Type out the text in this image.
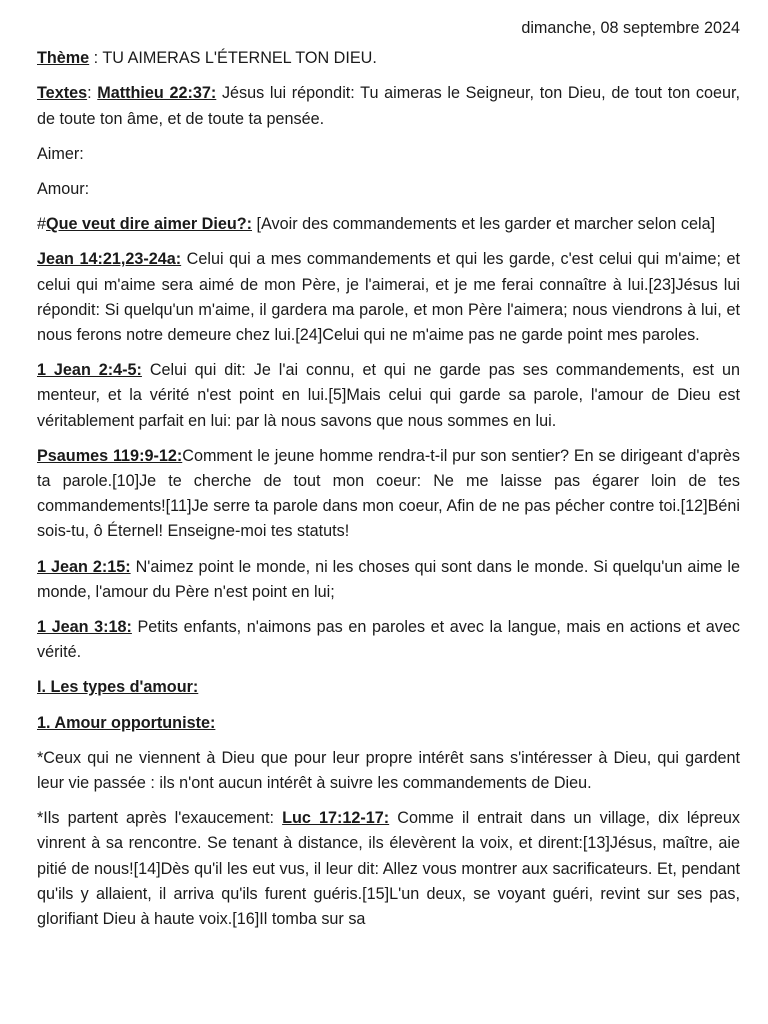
dimanche, 08 septembre 2024

Thème : TU AIMERAS L'ÉTERNEL TON DIEU.

Textes: Matthieu 22:37: Jésus lui répondit: Tu aimeras le Seigneur, ton Dieu, de tout ton coeur, de toute ton âme, et de toute ta pensée.

Aimer:

Amour:

#Que veut dire aimer Dieu?: [Avoir des commandements et les garder et marcher selon cela]

Jean 14:21,23-24a: Celui qui a mes commandements et qui les garde, c'est celui qui m'aime; et celui qui m'aime sera aimé de mon Père, je l'aimerai, et je me ferai connaître à lui.[23]Jésus lui répondit: Si quelqu'un m'aime, il gardera ma parole, et mon Père l'aimera; nous viendrons à lui, et nous ferons notre demeure chez lui.[24]Celui qui ne m'aime pas ne garde point mes paroles.

1 Jean 2:4-5: Celui qui dit: Je l'ai connu, et qui ne garde pas ses commandements, est un menteur, et la vérité n'est point en lui.[5]Mais celui qui garde sa parole, l'amour de Dieu est véritablement parfait en lui: par là nous savons que nous sommes en lui.

Psaumes 119:9-12:Comment le jeune homme rendra-t-il pur son sentier? En se dirigeant d'après ta parole.[10]Je te cherche de tout mon coeur: Ne me laisse pas égarer loin de tes commandements![11]Je serre ta parole dans mon coeur, Afin de ne pas pécher contre toi.[12]Béni sois-tu, ô Éternel! Enseigne-moi tes statuts!

1 Jean 2:15: N'aimez point le monde, ni les choses qui sont dans le monde. Si quelqu'un aime le monde, l'amour du Père n'est point en lui;

1 Jean 3:18: Petits enfants, n'aimons pas en paroles et avec la langue, mais en actions et avec vérité.

I. Les types d'amour:

1. Amour opportuniste:

*Ceux qui ne viennent à Dieu que pour leur propre intérêt sans s'intéresser à Dieu, qui gardent leur vie passée : ils n'ont aucun intérêt à suivre les commandements de Dieu.

*Ils partent après l'exaucement: Luc 17:12-17: Comme il entrait dans un village, dix lépreux vinrent à sa rencontre. Se tenant à distance, ils élevèrent la voix, et dirent:[13]Jésus, maître, aie pitié de nous![14]Dès qu'il les eut vus, il leur dit: Allez vous montrer aux sacrificateurs. Et, pendant qu'ils y allaient, il arriva qu'ils furent guéris.[15]L'un deux, se voyant guéri, revint sur ses pas, glorifiant Dieu à haute voix.[16]Il tomba sur sa
